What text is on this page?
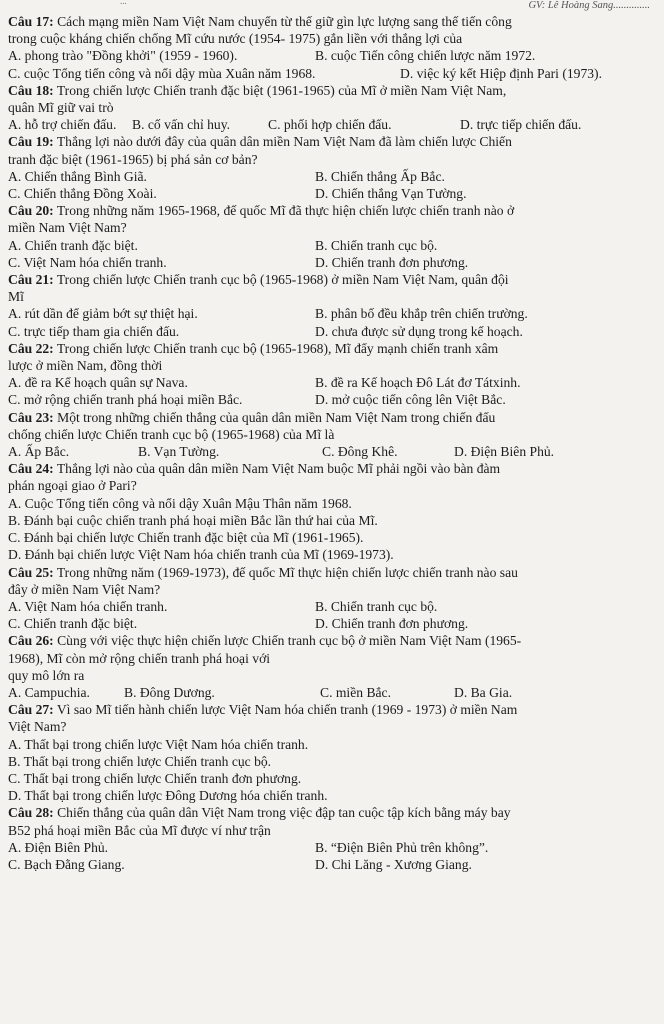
...	GV: Lê Hoàng Sang..............

Câu 17: Cách mạng miền Nam Việt Nam chuyển từ thế giữ gìn lực lượng sang thế tiến công

trong cuộc kháng chiến chống Mĩ cứu nước (1954- 1975) gắn liền với thắng lợi của

A. phong trào "Đồng khởi" (1959 - 1960).	B. cuộc Tiến công chiến lược năm 1972.
C. cuộc Tổng tiến công và nổi dậy mùa Xuân năm 1968.	D. việc ký kết Hiệp định Pari (1973).

Câu 18: Trong chiến lược Chiến tranh đặc biệt (1961-1965) của Mĩ ở miền Nam Việt Nam,

quân Mĩ giữ vai trò

A. hỗ trợ chiến đấu.	B. cố vấn chỉ huy.	C. phối hợp chiến đấu.	D. trực tiếp chiến đấu.

Câu 19: Thắng lợi nào dưới đây của quân dân miền Nam Việt Nam đã làm chiến lược Chiến

tranh đặc biệt (1961-1965) bị phá sản cơ bản?

A. Chiến thắng Bình Giã.	B. Chiến thắng Ấp Bắc.
C. Chiến thắng Đồng Xoài.	D. Chiến thắng Vạn Tường.

Câu 20: Trong những năm 1965-1968, đế quốc Mĩ đã thực hiện chiến lược chiến tranh nào ở

miền Nam Việt Nam?

A. Chiến tranh đặc biệt.	B. Chiến tranh cục bộ.
C. Việt Nam hóa chiến tranh.	D. Chiến tranh đơn phương.

Câu 21: Trong chiến lược Chiến tranh cục bộ (1965-1968) ở miền Nam Việt Nam, quân đội

Mĩ

A. rút dần để giảm bớt sự thiệt hại.	B. phân bố đều khắp trên chiến trường.
C. trực tiếp tham gia chiến đấu.	D. chưa được sử dụng trong kế hoạch.

Câu 22: Trong chiến lược Chiến tranh cục bộ (1965-1968), Mĩ đẩy mạnh chiến tranh xâm

lược ở miền Nam, đồng thời

A. đề ra Kế hoạch quân sự Nava.	B. đề ra Kế hoạch Đô Lát đơ Tátxinh.
C. mở rộng chiến tranh phá hoại miền Bắc.	D. mở cuộc tiến công lên Việt Bắc.

Câu 23: Một trong những chiến thắng của quân dân miền Nam Việt Nam trong chiến đấu

chống chiến lược Chiến tranh cục bộ (1965-1968) của Mĩ là

A. Ấp Bắc.	B. Vạn Tường.	C. Đông Khê.	D. Điện Biên Phủ.

Câu 24: Thắng lợi nào của quân dân miền Nam Việt Nam buộc Mĩ phải ngồi vào bàn đàm

phán ngoại giao ở Pari?

A. Cuộc Tổng tiến công và nổi dậy Xuân Mậu Thân năm 1968.

B. Đánh bại cuộc chiến tranh phá hoại miền Bắc lần thứ hai của Mĩ.

C. Đánh bại chiến lược Chiến tranh đặc biệt của Mĩ (1961-1965).

D. Đánh bại chiến lược Việt Nam hóa chiến tranh của Mĩ (1969-1973).

Câu 25: Trong những năm (1969-1973), đế quốc Mĩ thực hiện chiến lược chiến tranh nào sau

đây ở miền Nam Việt Nam?

A. Việt Nam hóa chiến tranh.	B. Chiến tranh cục bộ.
C. Chiến tranh đặc biệt.	D. Chiến tranh đơn phương.

Câu 26: Cùng với việc thực hiện chiến lược Chiến tranh cục bộ ở miền Nam Việt Nam (1965-

1968), Mĩ còn mở rộng chiến tranh phá hoại với

quy mô lớn ra

A. Campuchia.	B. Đông Dương.	C. miền Bắc.	D. Ba Gia.

Câu 27: Vì sao Mĩ tiến hành chiến lược Việt Nam hóa chiến tranh (1969 - 1973) ở miền Nam

Việt Nam?

A. Thất bại trong chiến lược Việt Nam hóa chiến tranh.

B. Thất bại trong chiến lược Chiến tranh cục bộ.

C. Thất bại trong chiến lược Chiến tranh đơn phương.

D. Thất bại trong chiến lược Đông Dương hóa chiến tranh.

Câu 28: Chiến thắng của quân dân Việt Nam trong việc đập tan cuộc tập kích bằng máy bay

B52 phá hoại miền Bắc của Mĩ được ví như trận

A. Điện Biên Phủ.	B. “Điện Biên Phủ trên không”.
C. Bạch Đằng Giang.	D. Chi Lăng - Xương Giang.
